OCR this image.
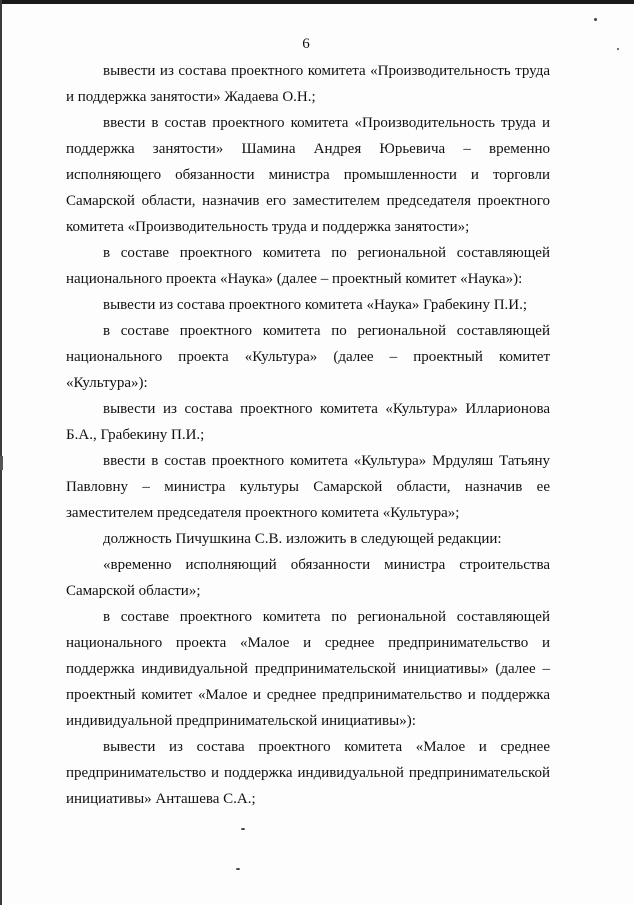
6

вывести из состава проектного комитета «Производительность труда и поддержка занятости» Жадаева О.Н.;

ввести в состав проектного комитета «Производительность труда и поддержка занятости» Шамина Андрея Юрьевича – временно исполняющего обязанности министра промышленности и торговли Самарской области, назначив его заместителем председателя проектного комитета «Производительность труда и поддержка занятости»;

в составе проектного комитета по региональной составляющей национального проекта «Наука» (далее – проектный комитет «Наука»):

вывести из состава проектного комитета «Наука» Грабекину П.И.;

в составе проектного комитета по региональной составляющей национального проекта «Культура» (далее – проектный комитет «Культура»):

вывести из состава проектного комитета «Культура» Илларионова Б.А., Грабекину П.И.;

ввести в состав проектного комитета «Культура» Мрдуляш Татьяну Павловну – министра культуры Самарской области, назначив ее заместителем председателя проектного комитета «Культура»;

должность Пичушкина С.В. изложить в следующей редакции:

«временно исполняющий обязанности министра строительства Самарской области»;

в составе проектного комитета по региональной составляющей национального проекта «Малое и среднее предпринимательство и поддержка индивидуальной предпринимательской инициативы» (далее – проектный комитет «Малое и среднее предпринимательство и поддержка индивидуальной предпринимательской инициативы»):

вывести из состава проектного комитета «Малое и среднее предпринимательство и поддержка индивидуальной предпринимательской инициативы» Анташева С.А.;
